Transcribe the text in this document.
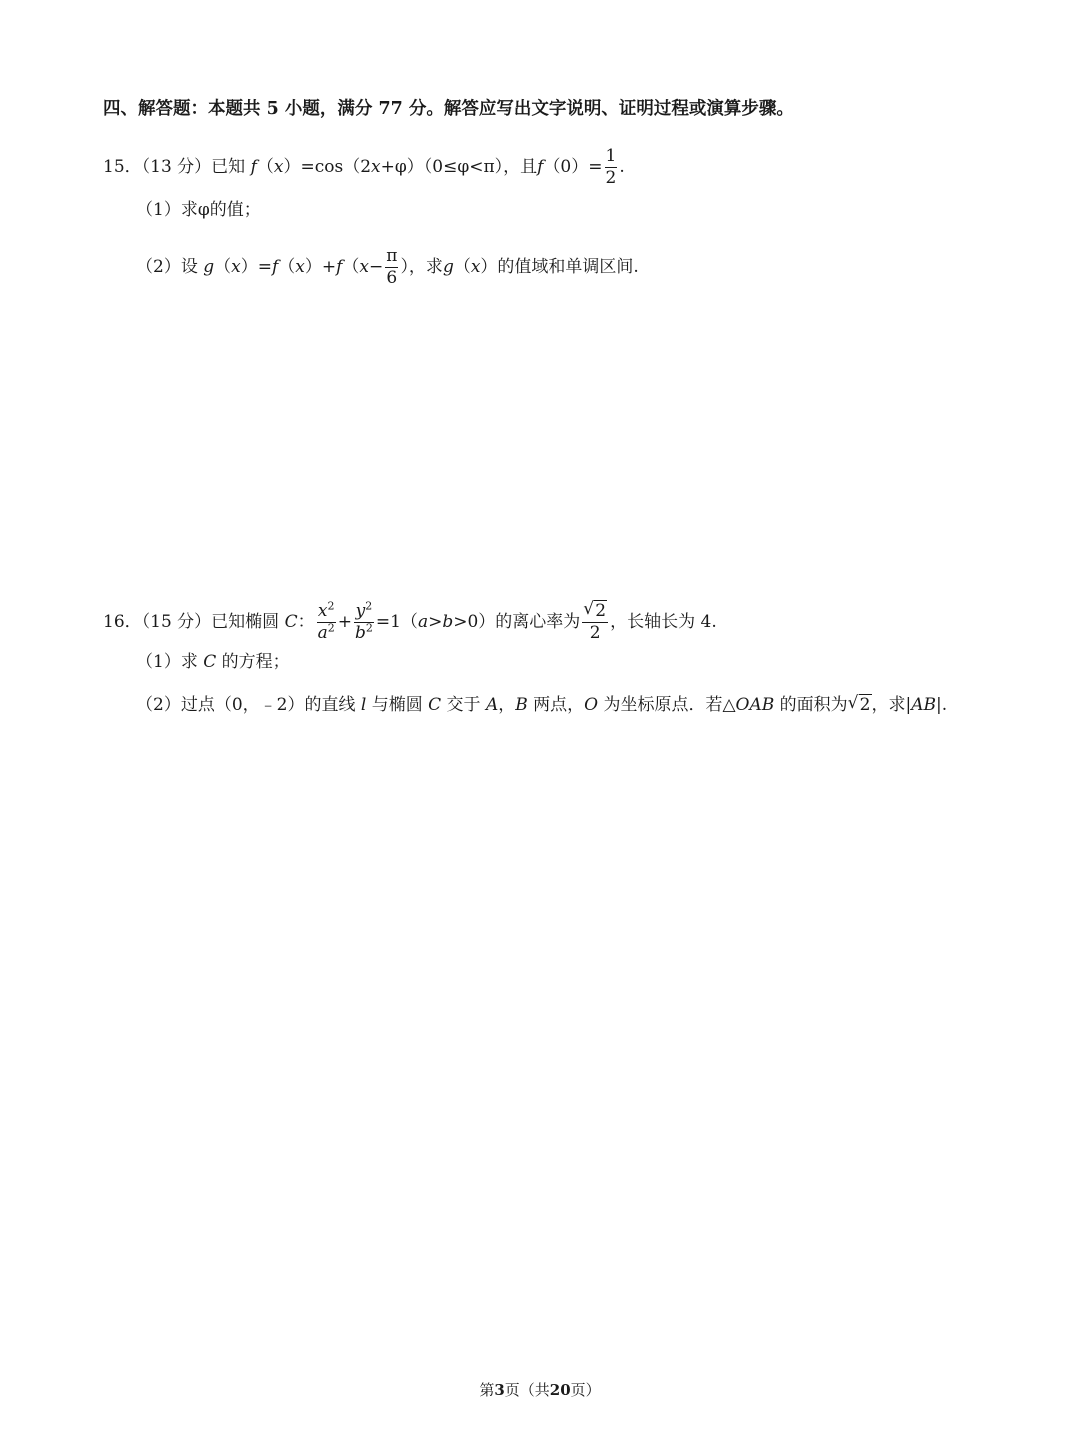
四、解答题：本题共 5 小题，满分 77 分。解答应写出文字说明、证明过程或演算步骤。
15．（13 分）已知 f（x）=cos（2x+φ）（0≤φ<π），且$f(0)= \frac{1}{2}$ .
（1）求φ的值；
（2）设 $g(x)=f(x)+f(x- \frac{\pi}{6}$ ），求g（x）的值域和单调区间.
16．（15 分）已知椭圆 C： $\frac{x^2}{a^2} + \frac{y^2}{b^2} =1(a>b>0)$的离心率为 √ $\frac{2}{2}$ ，长轴长为 4.
（1）求 C 的方程；
（2）过点（0，﹣2）的直线 l 与椭圆 C 交于 A，B 两点，O 为坐标原点．若△OAB 的面积为 √ 2，求|AB|.
第3页（共20页）
